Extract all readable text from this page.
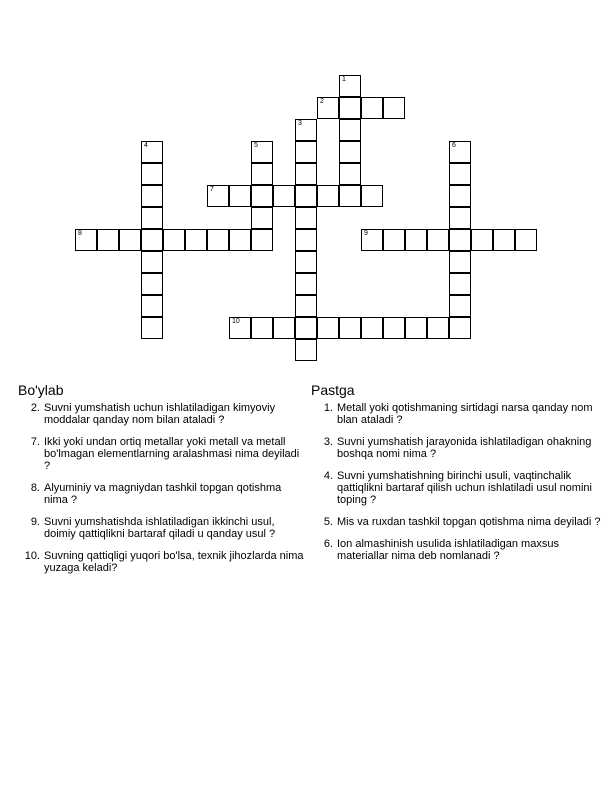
1
2
3
4	5	6
7
8	9
10
Bo'ylab
2. Suvni yumshatish uchun ishlatiladigan kimyoviy moddalar qanday nom bilan ataladi ?
7. Ikki yoki undan ortiq metallar yoki metall va metall bo'lmagan elementlarning aralashmasi nima deyiladi ?
8. Alyuminiy va magniydan tashkil topgan qotishma nima ?
9. Suvni yumshatishda ishlatiladigan ikkinchi usul, doimiy qattiqlikni bartaraf qiladi u qanday usul ?
10. Suvning qattiqligi yuqori bo'lsa, texnik jihozlarda nima yuzaga keladi?
Pastga
1. Metall yoki qotishmaning sirtidagi narsa qanday nom blan ataladi ?
3. Suvni yumshatish jarayonida ishlatiladigan ohakning boshqa nomi nima ?
4. Suvni yumshatishning birinchi usuli, vaqtinchalik qattiqlikni bartaraf qilish uchun ishlatiladi usul nomini toping ?
5. Mis va ruxdan tashkil topgan qotishma nima deyiladi ?
6. Ion almashinish usulida ishlatiladigan maxsus materiallar nima deb nomlanadi ?
